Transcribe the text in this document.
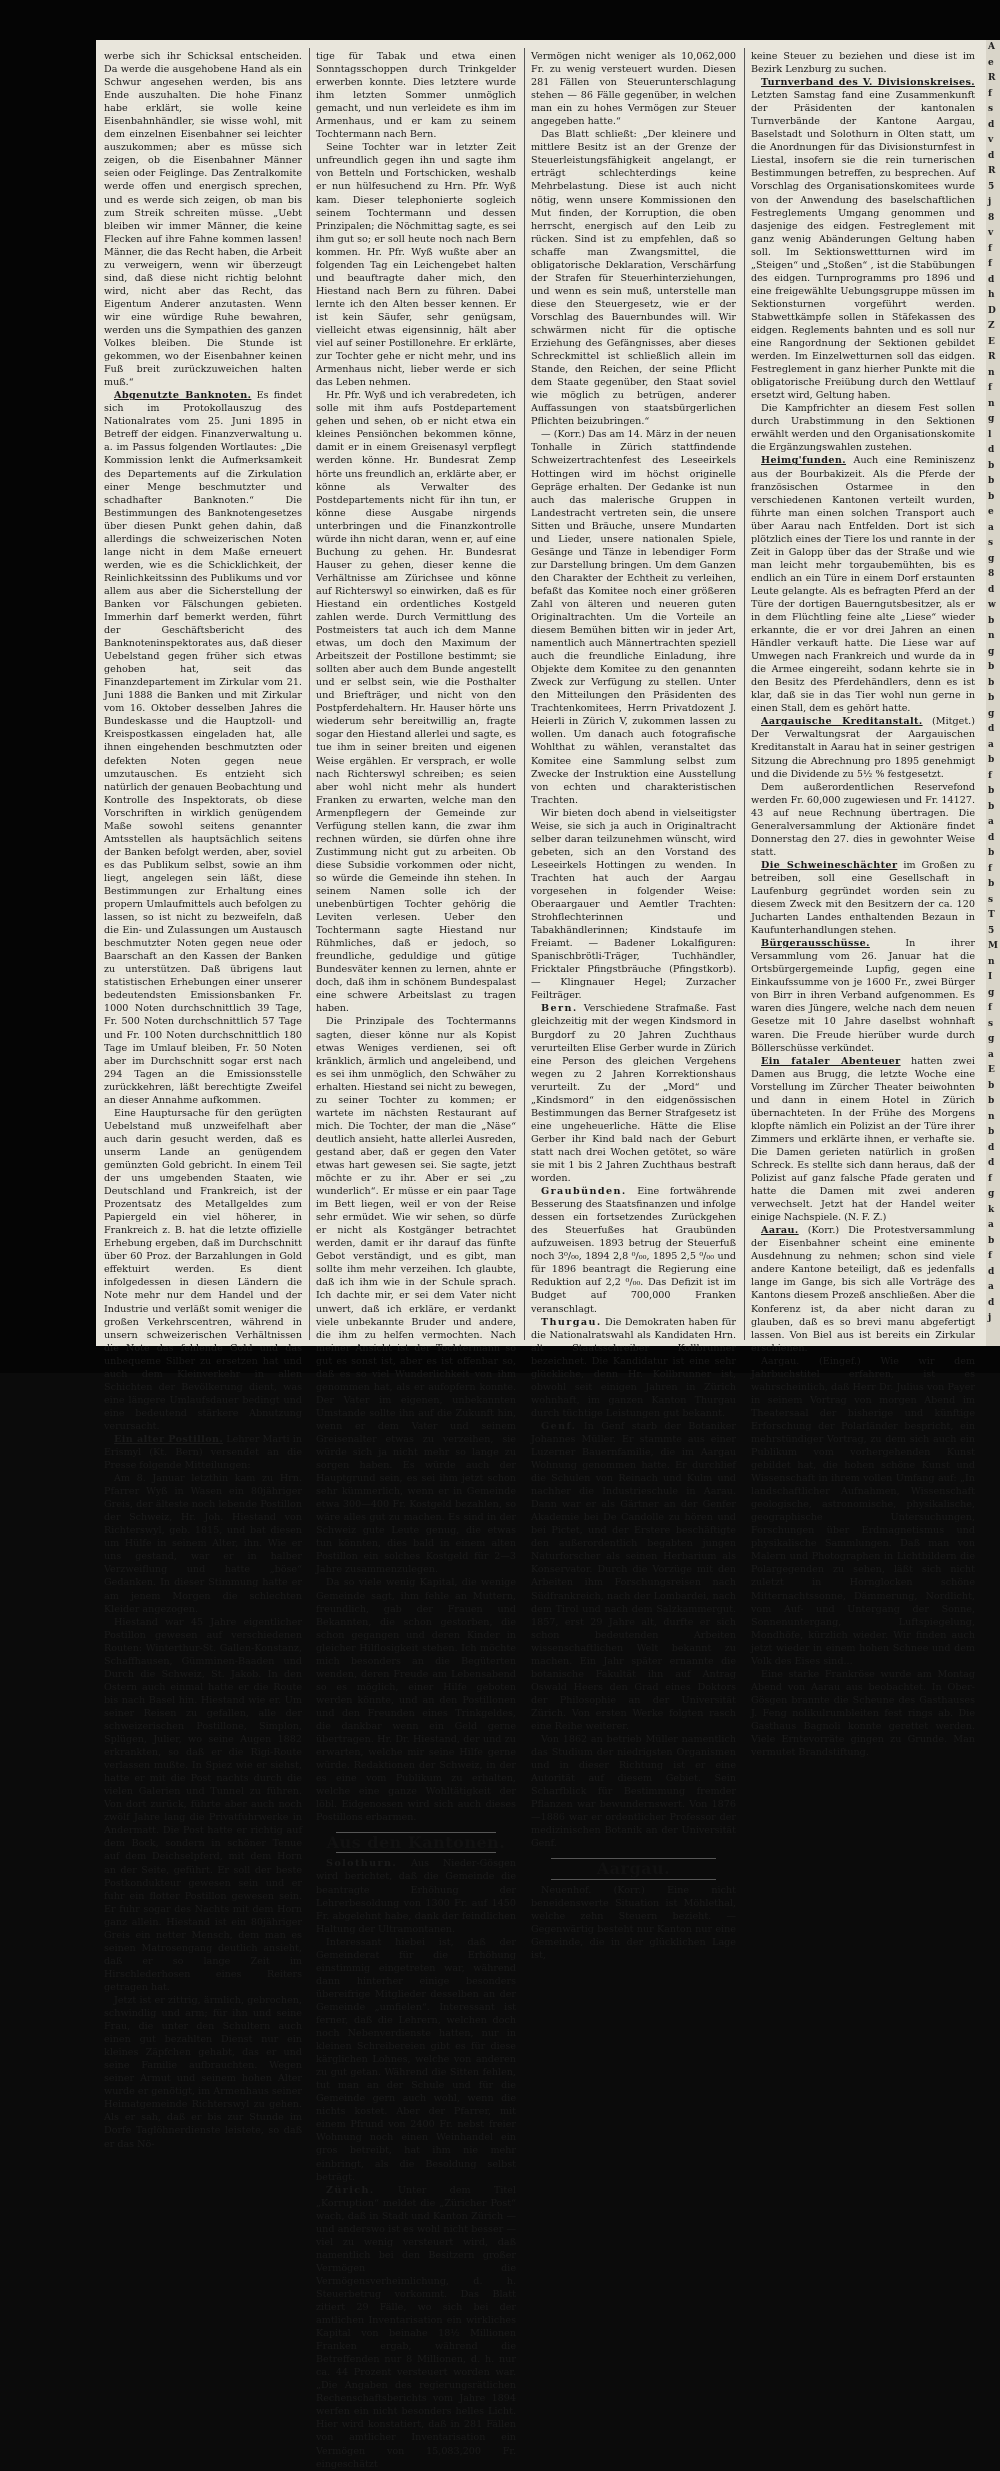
werbe sich ihr Schicksal entscheiden. Da werde die ausgehobene Hand als ein Schwur angesehen werden, bis ans Ende auszuhalten. Die hohe Finanz habe erklärt, sie wolle keine Eisenbahnhändler, sie wisse wohl, mit dem einzelnen Eisenbahner sei leichter auszukommen; aber es müsse sich zeigen, ob die Eisenbahner Männer seien oder Feiglinge. Das Zentralkomite werde offen und energisch sprechen, und es werde sich zeigen, ob man bis zum Streik schreiten müsse. „Uebt bleiben wir immer Männer, die keine Flecken auf ihre Fahne kommen lassen! Männer, die das Recht haben, die Arbeit zu verweigern, wenn wir überzeugt sind, daß diese nicht richtig belohnt wird, nicht aber das Recht, das Eigentum Anderer anzutasten. Wenn wir eine würdige Ruhe bewahren, werden uns die Sympathien des ganzen Volkes bleiben. Die Stunde ist gekommen, wo der Eisenbahner keinen Fuß breit zurückzuweichen halten muß.“

Abgenutzte Banknoten. Es findet sich im Protokollauszug des Nationalrates vom 25. Juni 1895 in Betreff der eidgen. Finanzverwaltung u. a. im Passus folgenden Wortlautes: „Die Kommission lenkt die Aufmerksamkeit des Departements auf die Zirkulation einer Menge beschmutzter und schadhafter Banknoten.“ Die Bestimmungen des Banknotengesetzes über diesen Punkt gehen dahin, daß allerdings die schweizerischen Noten lange nicht in dem Maße erneuert werden, wie es die Schicklichkeit, der Reinlichkeitssinn des Publikums und vor allem aus aber die Sicherstellung der Banken vor Fälschungen gebieten. Immerhin darf bemerkt werden, führt der Geschäftsbericht des Banknoteninspektorates aus, daß dieser Uebelstand gegen früher sich etwas gehoben hat, seit das Finanzdepartement im Zirkular vom 21. Juni 1888 die Banken und mit Zirkular vom 16. Oktober desselben Jahres die Bundeskasse und die Hauptzoll- und Kreispostkassen eingeladen hat, alle ihnen eingehenden beschmutzten oder defekten Noten gegen neue umzutauschen. Es entzieht sich natürlich der genauen Beobachtung und Kontrolle des Inspektorats, ob diese Vorschriften in wirklich genügendem Maße sowohl seitens genannter Amtsstellen als hauptsächlich seitens der Banken befolgt werden, aber, soviel es das Publikum selbst, sowie an ihm liegt, angelegen sein läßt, diese Bestimmungen zur Erhaltung eines propern Umlaufmittels auch befolgen zu lassen, so ist nicht zu bezweifeln, daß die Ein- und Zulassungen um Austausch beschmutzter Noten gegen neue oder Baarschaft an den Kassen der Banken zu unterstützen. Daß übrigens laut statistischen Erhebungen einer unserer bedeutendsten Emissionsbanken Fr. 1000 Noten durchschnittlich 39 Tage, Fr. 500 Noten durchschnittlich 57 Tage und Fr. 100 Noten durchschnittlich 180 Tage im Umlauf bleiben, Fr. 50 Noten aber im Durchschnitt sogar erst nach 294 Tagen an die Emissionsstelle zurückkehren, läßt berechtigte Zweifel an dieser Annahme aufkommen.

Eine Hauptursache für den gerügten Uebelstand muß unzweifelhaft aber auch darin gesucht werden, daß es unserm Lande an genügendem gemünzten Gold gebricht. In einem Teil der uns umgebenden Staaten, wie Deutschland und Frankreich, ist der Prozentsatz des Metallgeldes zum Papiergeld ein viel höherer, in Frankreich z. B. hat die letzte offizielle Erhebung ergeben, daß im Durchschnitt über 60 Proz. der Barzahlungen in Gold effektuirt werden. Es dient infolgedessen in diesen Ländern die Note mehr nur dem Handel und der Industrie und verläßt somit weniger die großen Verkehrscentren, während in unsern schweizerischen Verhältnissen die Note das fehlende Gold und das unbequeme Silber zu ersetzen hat und auch dem Kleinverkehr in allen Schichten der Bevölkerung dient, was eine längere Umlaufsdauer bedingt und eine bedeutend stärkere Abnutzung verursacht.

Ein alter Postillon. Lehrer Marti in Erismyl (Kt. Bern) versendet an die Presse folgende Mitteilungen:

Am 8. Januar letzthin kam zu Hrn. Pfarrer Wyß in Wasen ein 80jähriger Greis, der älteste noch lebende Postillon der Schweiz, Hr. Joh. Hiestand von Richterswyl, geb. 1815, und bat diesen um Hülfe in seinem Alter, ihn. Wie er uns gestand, war er in halber Verzweiflung und hatte „böse“ Gedanken. In dieser Stimmung hatte er am jenem Morgen die schlechten Kleider angezogen.

Hiestand war 45 Jahre eigentlicher Postillon gewesen auf verschiedenen Routen: Winterthur-St. Gallen-Konstanz, Schaffhausen, Gümminen-Baaden und Durch die Schweiz, St. Jakob. In den Ostern auch einmal hatte er die Route bis nach Basel hin. Hiestand wie er. Um seiner Reisen zu gefallen, alle der schweizerischen Postillone, Simplon, Splügen, Julier, wo seine Augen 1882 erkrankten, so daß er die Rigi-Route verlassen mußte. In Spiez wie er siehst, hatte er mit die Post nachts durch die vielen Galerien und Tunnel zu führen. Von dort zurück, führte aber auch noch zwölf Jahre lang die Privatfuhrwerke in Andermatt. Die Post hatte er richtig auf dem Bock, sondern in schöner Tenue auf dem Deichselpferd, mit dem Horn an der Seite, geführt. Er soll der beste Postkondukteur gewesen sein und er fuhr ein flotter Postillon gewesen sein. Er fuhr sogar des Nachts mit dem Horn ganz allein. Hiestand ist ein 80jähriger Greis ein netter Mensch, dem man es seinen Matrosengang deutlich ansieht, daß er so lange Zeit im Hirschlederhosen eines Reiters getragen hat.

Jetzt ist er zittrig, ärmlich, gebrochen, schwindlig und arm; für ihn und seine Frau, die unter den Schultern auch einen gut bezahlten Dienst nur ein kleines Zäpfchen gehabt, das er und seine Familie aufbrauchten. Wegen seiner Armut und seinem hohen Alter wurde er genötigt, im Armenhaus seiner Heimatgemeinde Richterswyl zu gehen. Als er sah, daß er bis zur Stunde im Dorfe Taglöhnerdienste leistete, so daß er das Nö-

tige für Tabak und etwa einen Sonntagsschoppen durch Trinkgelder erwerben konnte. Dies letztere wurde ihm letzten Sommer unmöglich gemacht, und nun verleidete es ihm im Armenhaus, und er kam zu seinem Tochtermann nach Bern.

Seine Tochter war in letzter Zeit unfreundlich gegen ihn und sagte ihm von Betteln und Fortschicken, weshalb er nun hülfesuchend zu Hrn. Pfr. Wyß kam. Dieser telephonierte sogleich seinem Tochtermann und dessen Prinzipalen; die Nöchmittag sagte, es sei ihm gut so; er soll heute noch nach Bern kommen. Hr. Pfr. Wyß wußte aber an folgenden Tag ein Leichengebet halten und beauftragte daher mich, den Hiestand nach Bern zu führen. Dabei lernte ich den Alten besser kennen. Er ist kein Säufer, sehr genügsam, vielleicht etwas eigensinnig, hält aber viel auf seiner Postillonehre. Er erklärte, zur Tochter gehe er nicht mehr, und ins Armenhaus nicht, lieber werde er sich das Leben nehmen.

Hr. Pfr. Wyß und ich verabredeten, ich solle mit ihm aufs Postdepartement gehen und sehen, ob er nicht etwa ein kleines Pensiönchen bekommen könne, damit er in einem Greisenasyl verpflegt werden könne. Hr. Bundesrat Zemp hörte uns freundlich an, erklärte aber, er könne als Verwalter des Postdepartements nicht für ihn tun, er könne diese Ausgabe nirgends unterbringen und die Finanzkontrolle würde ihn nicht daran, wenn er, auf eine Buchung zu gehen. Hr. Bundesrat Hauser zu gehen, dieser kenne die Verhältnisse am Zürichsee und könne auf Richterswyl so einwirken, daß es für Hiestand ein ordentliches Kostgeld zahlen werde. Durch Vermittlung des Postmeisters tat auch ich dem Manne etwas, um doch den Maximum der Arbeitszeit der Postillone bestimmt; sie sollten aber auch dem Bunde angestellt und er selbst sein, wie die Posthalter und Briefträger, und nicht von den Postpferdehaltern. Hr. Hauser hörte uns wiederum sehr bereitwillig an, fragte sogar den Hiestand allerlei und sagte, es tue ihm in seiner breiten und eigenen Weise ergählen. Er versprach, er wolle nach Richterswyl schreiben; es seien aber wohl nicht mehr als hundert Franken zu erwarten, welche man den Armenpflegern der Gemeinde zur Verfügung stellen kann, die zwar ihm rechnen würden, sie dürfen ohne ihre Zustimmung nicht gut zu arbeiten. Ob diese Subsidie vorkommen oder nicht, so würde die Gemeinde ihn stehen. In seinem Namen solle ich der unebenbürtigen Tochter gehörig die Leviten verlesen. Ueber den Tochtermann sagte Hiestand nur Rühmliches, daß er jedoch, so freundliche, geduldige und gütige Bundesväter kennen zu lernen, ahnte er doch, daß ihm in schönem Bundespalast eine schwere Arbeitslast zu tragen haben.

Die Prinzipale des Tochtermanns sagten, dieser könne nur als Kopist etwas Weniges verdienen, sei oft kränklich, ärmlich und angeleibend, und es sei ihm unmöglich, den Schwäher zu erhalten. Hiestand sei nicht zu bewegen, zu seiner Tochter zu kommen; er wartete im nächsten Restaurant auf mich. Die Tochter, der man die „Näse“ deutlich ansieht, hatte allerlei Ausreden, gestand aber, daß er gegen den Vater etwas hart gewesen sei. Sie sagte, jetzt möchte er zu ihr. Aber er sei „zu wunderlich“. Er müsse er ein paar Tage im Bett liegen, weil er von der Reise sehr ermüdet. Wie wir sehen, so dürfe er nicht als Kostgänger betrachtet werden, damit er ihr darauf das fünfte Gebot verständigt, und es gibt, man sollte ihm mehr verzeihen. Ich glaubte, daß ich ihm wie in der Schule sprach. Ich dachte mir, er sei dem Vater nicht unwert, daß ich erkläre, er verdankt viele unbekannte Bruder und andere, die ihm zu helfen vermochten. Nach meiner Ansicht ist der Tochtermann so gut es sonst ist, aber es ist offenbar so, daß es so viel Wunderlichkeit von ihm genommen hat, als er aufopfern konnte. Der Vater im eigenen, unbekannten Umstande sollte ihn auf die Zukunft hin, wenn er dem Vater und seinem Greisenalter etwas zu verzeihen, sie würde sich ja nicht mehr so lange zu sorgen haben. Es würde auch der Hauptgrund sein, es sei ihm jetzt schon sehr kümmerlich, wenn er in Gemeinde etwa 300—400 Fr. Kostgeld bezahlen, so wäre alles gut zu machen. Es sind in der Schweiz gute Leute genug, die etwas tun könnten, dies bald in einem alten Postillon ein solches Kostgeld für 2—3 Jahre zusammenzulegen.

Da so viele wenig Kapital, die wenige Gemeinde sagt, ihm fehle an Muttern, freundlich, gab der Frauen und Bekannten, die schon gestorben, die schon gegangen und deren Kinder in gleicher Hilflosigkeit stehen. Ich möchte mich besonders an die Begüterten wenden, deren Freude am Lebensabend so es möglich, einer Hilfe geboten werden könnte, und an den Postillonen und den Freunden eines Trinkgeldes, die dankbar wenn ein Geld gerne übertragen. Hr. Dr. Hiestand, der und zu erwarten, welche mir seine Hilfe gerne würde. Redaktionen der Schweiz, in der es eine vom Publikum zu erhalten, welche eine ganze Wohltätigkeit der löbl. Eidgenossen wird sich auch dieses Postillons erbarmen.

Aus den Kantonen.

Solothurn. Aus Nieder-Gösgen wird berichtet, daß die Gemeinde die beantragte Erhöhung der Lehrerbesoldung von 1300 Fr. auf 1450 Fr. abgelehnt habe, dank der feindlichen Haltung der Ultramontanen.

Interessant hiebei ist, daß der Gemeinderat für die Erhöhung einstimmig eingetreten war, während dann hinterher einige besonders übereifrige Mitglieder desselben an der Gemeinde „umfielen“. Interessant ist ferner, daß die Lehrern, welchen doch noch Nebenverdienste hatten, nur in kleinen Schreibereien gibt es für diese kärglichen Lohnes, welche von anderen zu gut getan. Während die Sitten fehlen, tut man an der Schule und für die Gemeinde gern auch wohl, wenn die nichts kostet. Aber der Pfarrer, mit einem Pfrund von 2400 Fr. nebst freier Wohnung noch einen Weinhandel ein gros betreibt, hat ihm nie mehr einbringt, als die Besoldung selbst beträgt.

Zürich. Unter dem Titel „Korruption“ meldet die „Züricher Post“ wach, daß in Stadt und Kanton Zürich — und anderswo ist es wohl nicht besser — viel zu wenig versteuert wird, daß namentlich bei den Besitzern großer Vermögen die Vermögensverheimlichung, d. h. Steuerbetrug vorkommt. Das Blatt zitiert 29 Fälle, wo sich bei der amtlichen Inventarisation ein wirkliches Kapital von beinahe 18½ Millionen Franken ergab, während die Betreffenden nur 8 Millionen, d. h. nur ca. 44 Prozent versteuert worden war. „Die Angaben des regierungsrätlichen Rechenschaftsberichts vom Jahre 1894 werfen ein nicht besonders helles Licht. Hier wird konstatiert, daß in 281 Fällen von amtlicher Inventarisation ein Vermögen von 15,083,200 Fr. eingeschätzt

Vermögen nicht weniger als 10,062,000 Fr. zu wenig versteuert wurden. Diesen 281 Fällen von Steuerunterschlagung stehen — 86 Fälle gegenüber, in welchen man ein zu hohes Vermögen zur Steuer angegeben hatte.“

Das Blatt schließt: „Der kleinere und mittlere Besitz ist an der Grenze der Steuerleistungsfähigkeit angelangt, er erträgt schlechterdings keine Mehrbelastung. Diese ist auch nicht nötig, wenn unsere Kommissionen den Mut finden, der Korruption, die oben herrscht, energisch auf den Leib zu rücken. Sind ist zu empfehlen, daß so schaffe man Zwangsmittel, die obligatorische Deklaration, Verschärfung der Strafen für Steuerhinterziehungen, und wenn es sein muß, unterstelle man diese den Steuergesetz, wie er der Vorschlag des Bauernbundes will. Wir schwärmen nicht für die optische Erziehung des Gefängnisses, aber dieses Schreckmittel ist schließlich allein im Stande, den Reichen, der seine Pflicht dem Staate gegenüber, den Staat soviel wie möglich zu betrügen, anderer Auffassungen von staatsbürgerlichen Pflichten beizubringen.“

— (Korr.) Das am 14. März in der neuen Tonhalle in Zürich stattfindende Schweizertrachtenfest des Leseeirkels Hottingen wird im höchst originelle Gepräge erhalten. Der Gedanke ist nun auch das malerische Gruppen in Landestracht vertreten sein, die unsere Sitten und Bräuche, unsere Mundarten und Lieder, unsere nationalen Spiele, Gesänge und Tänze in lebendiger Form zur Darstellung bringen. Um dem Ganzen den Charakter der Echtheit zu verleihen, befaßt das Komitee noch einer größeren Zahl von älteren und neueren guten Originaltrachten. Um die Vorteile an diesem Bemühen bitten wir in jeder Art, namentlich auch Männertrachten speziell auch die freundliche Einladung, ihre Objekte dem Komitee zu den genannten Zweck zur Verfügung zu stellen. Unter den Mitteilungen den Präsidenten des Trachtenkomitees, Herrn Privatdozent J. Heierli in Zürich V, zukommen lassen zu wollen. Um danach auch fotografische Wohlthat zu wählen, veranstaltet das Komitee eine Sammlung selbst zum Zwecke der Instruktion eine Ausstellung von echten und charakteristischen Trachten.

Wir bieten doch abend in vielseitigster Weise, sie sich ja auch in Originaltracht selber daran teilzunehmen wünscht, wird gebeten, sich an den Vorstand des Leseeirkels Hottingen zu wenden. In Trachten hat auch der Aargau vorgesehen in folgender Weise: Oberaargauer und Aemtler Trachten: Strohflechterinnen und Tabakhändlerinnen; Kindstaufe im Freiamt. — Badener Lokalfiguren: Spanischbrötli-Träger, Tuchhändler, Fricktaler Pfingstbräuche (Pfingstkorb). — Klingnauer Hegel; Zurzacher Feilträger.

Bern. Verschiedene Strafmaße. Fast gleichzeitig mit der wegen Kindsmord in Burgdorf zu 20 Jahren Zuchthaus verurteilten Elise Gerber wurde in Zürich eine Person des gleichen Vergehens wegen zu 2 Jahren Korrektionshaus verurteilt. Zu der „Mord“ und „Kindsmord“ in den eidgenössischen Bestimmungen das Berner Strafgesetz ist eine ungeheuerliche. Hätte die Elise Gerber ihr Kind bald nach der Geburt statt nach drei Wochen getötet, so wäre sie mit 1 bis 2 Jahren Zuchthaus bestraft worden.

Graubünden. Eine fortwährende Besserung des Staatsfinanzen und infolge dessen ein fortsetzendes Zurückgehen des Steuerfußes hat Graubünden aufzuweisen. 1893 betrug der Steuerfuß noch 3⁰/₀₀, 1894 2,8 ⁰/₀₀, 1895 2,5 ⁰/₀₀ und für 1896 beantragt die Regierung eine Reduktion auf 2,2 ⁰/₀₀. Das Defizit ist im Budget auf 700,000 Franken veranschlagt.

Thurgau. Die Demokraten haben für die Nationalratswahl als Kandidaten Hrn. alt Staatsschreiber Kollbrunner bezeichnet. Die Kandidatur ist eine sehr glückliche, denn Hr. Kollbrunner ist, obwohl seit einigen Jahren in Zürich wohnhaft, im ganzen Kanton Thurgau durch tüchtige Leistungen gut bekannt.

Genf. In Genf starb der Botaniker Johannes Müller. Er stammte aus einer Luzerner Bauernfamilie, die im Aargau Wohnung genommen hatte. Er durchlief die Schulen von Reinach und Kulm und nachher die Industrieschule in Aarau. Dann war er als Gärtner an der Genfer Akademie bei De Candolle zu hören und bei Pictet, und der Erstere beschäftigte den außerordentlich begabten jungen Naturforscher als seinen Herbarium als Konservator. Durch die Vorzüge mit den Arbeiten ihm Forschungsreisen nach Südfrankreich, nach der Lombardei, nach dem Tirol und nach dem Salzkammergut. 1857, erst 29 Jahre alt, durfte er sich schon bedeutenden Arbeiten wissenschaftlichen Welt bekannt zu machen. Ein Jahr später ernannte die botanische Fakultät ihn auf Antrag Oswald Heers den Grad eines Doktors der Philosophie an der Universität Zürich. Von ersten Werke folgten rasch eine Reihe weiterer.

Von 1862 an betrieb Müller namentlich das Studium der niedrigsten Organismen und in dieser Richtung ist er eine Autorität auf diesem Gebiet. Sein Scharfblick für Bestimmung fremder Pflanzen war bewundernswert. Von 1876—1886 war er ordentlicher Professor der medizinischen Botanik an der Universität Genf.

Aargau.

Neuenhof. (Korr.) Eine nicht beneidenswerte Situation ist Möhlethal, welche zehn Steuern bezieht. — Gegenwärtig besteht nur Kanton nur eine Gemeinde, die in der glücklichen Lage ist,

keine Steuer zu beziehen und diese ist im Bezirk Lenzburg zu suchen.

Turnverband des V. Divisionskreises. Letzten Samstag fand eine Zusammenkunft der Präsidenten der kantonalen Turnverbände der Kantone Aargau, Baselstadt und Solothurn in Olten statt, um die Anordnungen für das Divisionsturnfest in Liestal, insofern sie die rein turnerischen Bestimmungen betreffen, zu besprechen. Auf Vorschlag des Organisationskomitees wurde von der Anwendung des baselschaftlichen Festreglements Umgang genommen und dasjenige des eidgen. Festreglement mit ganz wenig Abänderungen Geltung haben soll. Im Sektionswettturnen wird im „Steigen“ und „Stoßen“ , ist die Stabübungen des eidgen. Turnprogramms pro 1896 und eine freigewählte Uebungsgruppe müssen im Sektionsturnen vorgeführt werden. Stabwettkämpfe sollen in Stäfekassen des eidgen. Reglements bahnten und es soll nur eine Rangordnung der Sektionen gebildet werden. Im Einzelwetturnen soll das eidgen. Festreglement in ganz hierher Punkte mit die obligatorische Freiübung durch den Wettlauf ersetzt wird, Geltung haben.

Die Kampfrichter an diesem Fest sollen durch Urabstimmung in den Sektionen erwählt werden und den Organisationskomite die Ergänzungswahlen zustehen.

Heimg'funden. Auch eine Reminiszenz aus der Bourbakizeit. Als die Pferde der französischen Ostarmee in den verschiedenen Kantonen verteilt wurden, führte man einen solchen Transport auch über Aarau nach Entfelden. Dort ist sich plötzlich eines der Tiere los und rannte in der Zeit in Galopp über das der Straße und wie man leicht mehr torgaubemühten, bis es endlich an ein Türe in einem Dorf erstaunten Leute gelangte. Als es befragten Pferd an der Türe der dortigen Bauerngutsbesitzer, als er in dem Flüchtling feine alte „Liese“ wieder erkannte, die er vor drei Jahren an einen Händler verkauft hatte. Die Liese war auf Umwegen nach Frankreich und wurde da in die Armee eingereiht, sodann kehrte sie in den Besitz des Pferdehändlers, denn es ist klar, daß sie in das Tier wohl nun gerne in einen Stall, dem es gehört hatte.

Aargauische Kreditanstalt. (Mitget.) Der Verwaltungsrat der Aargauischen Kreditanstalt in Aarau hat in seiner gestrigen Sitzung die Abrechnung pro 1895 genehmigt und die Dividende zu 5½ % festgesetzt.

Dem außerordentlichen Reservefond werden Fr. 60,000 zugewiesen und Fr. 14127. 43 auf neue Rechnung übertragen. Die Generalversammlung der Aktionäre findet Donnerstag den 27. dies in gewohnter Weise statt.

Die Schweineschächter im Großen zu betreiben, soll eine Gesellschaft in Laufenburg gegründet worden sein zu diesem Zweck mit den Besitzern der ca. 120 Jucharten Landes enthaltenden Bezaun in Kaufunterhandlungen stehen.

Bürgerausschüsse.	In ihrer Versammlung vom 26. Januar hat die Ortsbürgergemeinde Lupfig, gegen eine Einkaufssumme von je 1600 Fr., zwei Bürger von Birr in ihren Verband aufgenommen. Es waren dies Jüngere, welche nach dem neuen Gesetze mit 10 Jahre daselbst wohnhaft waren. Die Freude hierüber wurde durch Böllerschüsse verkündet.

Ein fataler Abenteuer hatten zwei Damen aus Brugg, die letzte Woche eine Vorstellung im Zürcher Theater beiwohnten und dann in einem Hotel in Zürich übernachteten. In der Frühe des Morgens klopfte nämlich ein Polizist an der Türe ihrer Zimmers und erklärte ihnen, er verhafte sie. Die Damen gerieten natürlich in großen Schreck. Es stellte sich dann heraus, daß der Polizist auf ganz falsche Pfade geraten und hatte die Damen mit zwei anderen verwechselt. Jetzt hat der Handel weiter einige Nachspiele. (N. F. Z.)

Aarau. (Korr.) Die Protestversammlung der Eisenbahner scheint eine eminente Ausdehnung zu nehmen; schon sind viele andere Kantone beteiligt, daß es jedenfalls lange im Gange, bis sich alle Vorträge des Kantons diesem Prozeß anschließen. Aber die Konferenz ist, da aber nicht daran zu glauben, daß es so brevi manu abgefertigt lassen. Von Biel aus ist bereits ein Zirkular erschienen.

Aargau. (Eingef.) Wie wir dem Jahrbuchstitel erfahren, ist es wahrscheinlich, daß Herr Dr. Julius von Payer in seinem Vortrag von morgen Abend im Theatersaal der bisherige und künftige Erforschung der Polarländer bespricht, ein mehrstündiger Vortrag, zu dem sich auch ein Publikum vom vorhergehenden Kunst gebildet hat, die hohen schöne Kunst und Wissenschaft in ihrem vollen Umfang auf: „In landschaftlicher Aufnahmen, Wissenschaft geologische, astronomische, physikalische, geographische Untersuchungen, Forschungen über Erdmagnetismus und physikalische Sammlungen. Daß man von Malern und Photographen in Lichtbildern die Polargegenden zu sehen, läßt sich nicht zuletzt in Hornglocken schöne Mitternachtssonne, Dämmerung, Nordlicht, vom Auf- und Untergang der Sonne, Sonnenuntergang, Luftspiegelung, Mondhöfe, kürzlich wieder. Wir finden auch jetzt wieder in einem hohen Schnee und dem Volk des Eises sind...

Eine starke Frankröse wurde am Montag Abend von Aarau aus beobachtet. In Ober-Gösgen brannte die Scheune des Gasthauses J. Feng nolikulrumbleiten fest rings ab. Die Gasthaus Bagnoli konnte gerettet werden. Viele Erntevorräte gingen zu Grunde. Man vermutet Brandstiftung.

A
e
R
f
s
d
v
d
R
5
j
8
v
f
f
d
h
D
Z
E
R
n
f
n
g
l
d
b
b
b
e
a
s
g
8
d
w
b
n
g
b
b
b
g
d
a
b
f
b
b
a
d
b
f
b
s
T
5
M
n
I
g
f
s
g
a
E
b
b
n
b
d
d
f
g
k
a
b
f
d
a
d
j
